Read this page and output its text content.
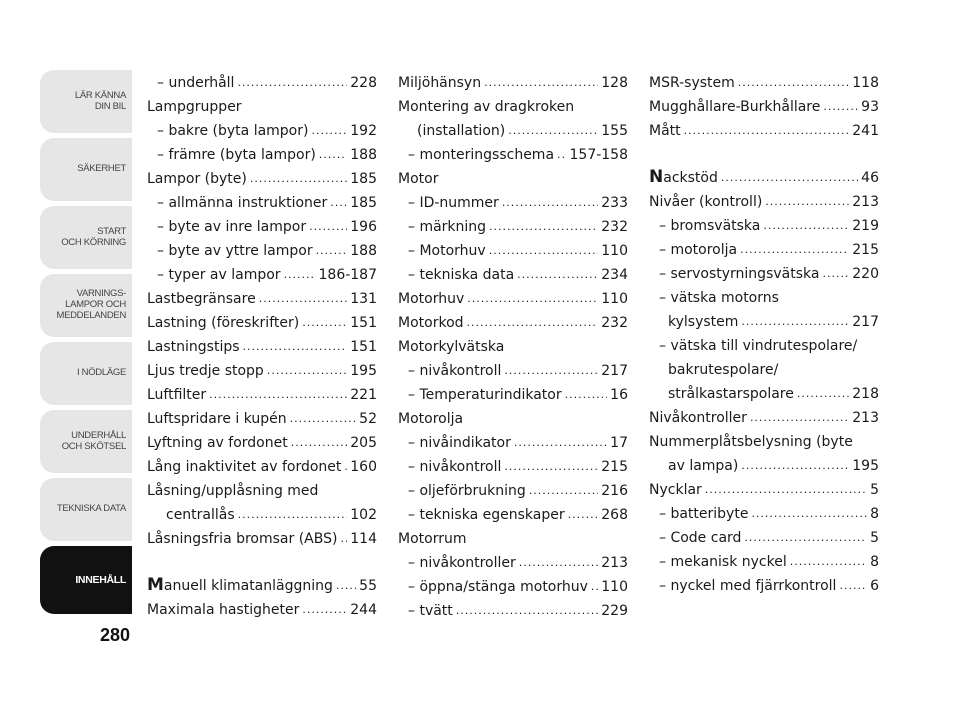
LÄR KÄNNA
DIN BIL
SÄKERHET
START
OCH KÖRNING
VARNINGS-
LAMPOR OCH
MEDDELANDEN
I NÖDLÄGE
UNDERHÅLL
OCH SKÖTSEL
TEKNISKA DATA
INNEHÅLL
280
– underhåll .....	228
Lampgrupper
– bakre (byta lampor) .....	192
– främre (byta lampor) ..... 188
Lampor (byte) .....	185
– allmänna instruktioner ..... 185
– byte av inre lampor .....	196
– byte av yttre lampor .....	188
– typer av lampor .....	186-187
Lastbegränsare .....	131
Lastning (föreskrifter) .....	151
Lastningstips .....	151
Ljus tredje stopp .....	195
Luftfilter .....	221
Luftspridare i kupén .....	52
Lyftning av fordonet .....	205
Lång inaktivitet av fordonet ..... 160
Låsning/upplåsning med
centrallås .....	102
Låsningsfria bromsar (ABS) ..... 114
Manuell klimatanläggning ..... 55
Maximala hastigheter .....	244
Miljöhänsyn .....	128
Montering av dragkroken
(installation) .....	155
– monteringsschema ..... 157-158
Motor
– ID-nummer .....	233
– märkning .....	232
– Motorhuv .....	110
– tekniska data .....	234
Motorhuv .....	110
Motorkod .....	232
Motorkylvätska
– nivåkontroll .....	217
– Temperaturindikator .....	16
Motorolja
– nivåindikator .....	17
– nivåkontroll .....	215
– oljeförbrukning .....	216
– tekniska egenskaper .....	268
Motorrum
– nivåkontroller .....	213
– öppna/stänga motorhuv ..... 110
– tvätt .....	229
MSR-system .....	118
Mugghållare-Burkhållare .....	93
Mått .....	241
Nackstöd .....	46
Nivåer (kontroll) .....	213
– bromsvätska .....	219
– motorolja .....	215
– servostyrningsvätska ..... 220
– vätska motorns
kylsystem .....	217
– vätska till vindrutespolare/
bakrutespolare/
strålkastarspolare .....	218
Nivåkontroller .....	213
Nummerplåtsbelysning (byte
av lampa) .....	195
Nycklar .....	5
– batteribyte .....	8
– Code card .....	5
– mekanisk nyckel .....	8
– nyckel med fjärrkontroll ..... 6
